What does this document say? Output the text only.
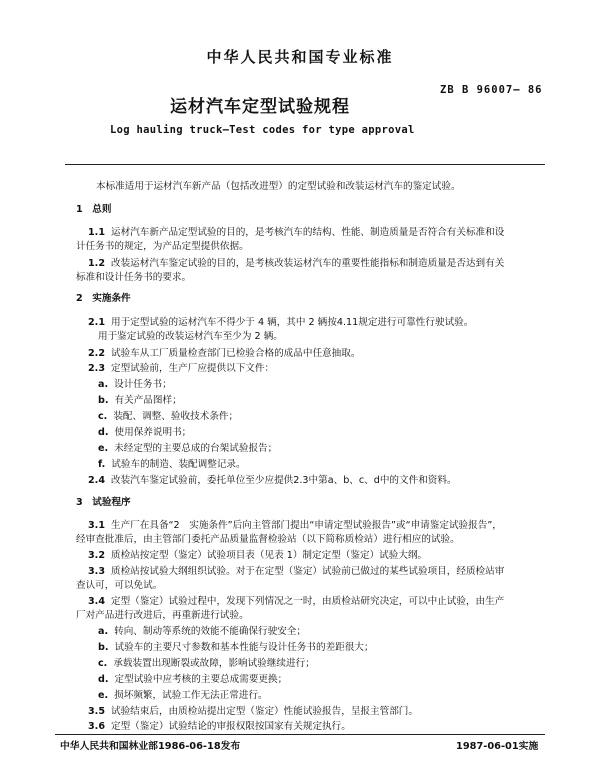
中华人民共和国专业标准
运材汽车定型试验规程
ZB B 96007— 86
Log hauling truck—Test codes for type approval
本标准适用于运材汽车新产品（包括改进型）的定型试验和改装运材汽车的鉴定试验。
1　总则
1.1 运材汽车新产品定型试验的目的，是考核汽车的结构、性能、制造质量是否符合有关标准和设
计任务书的规定，为产品定型提供依据。
1.2 改装运材汽车鉴定试验的目的，是考核改装运材汽车的重要性能指标和制造质量是否达到有关
标准和设计任务书的要求。
2　实施条件
2.1 用于定型试验的运材汽车不得少于 4 辆，其中 2 辆按4.11规定进行可靠性行驶试验。
用于鉴定试验的改装运材汽车至少为 2 辆。
2.2 试验车从工厂质量检查部门已检验合格的成品中任意抽取。
2.3 定型试验前，生产厂应提供以下文件：
a. 设计任务书；
b. 有关产品图样；
c. 装配、调整、验收技术条件；
d. 使用保养说明书；
e. 未经定型的主要总成的台架试验报告；
f. 试验车的制造、装配调整记录。
2.4 改装汽车鉴定试验前，委托单位至少应提供2.3中第a、b、c、d中的文件和资料。
3　试验程序
3.1 生产厂在具备“2　实施条件”后向主管部门提出“申请定型试验报告”或“申请鉴定试验报告”，
经审查批准后，由主管部门委托产品质量监督检验站（以下简称质检站）进行相应的试验。
3.2 质检站按定型（鉴定）试验项目表（见表 1）制定定型（鉴定）试验大纲。
3.3 质检站按试验大纲组织试验。对于在定型（鉴定）试验前已做过的某些试验项目，经质检站审
查认可，可以免试。
3.4 定型（鉴定）试验过程中，发现下列情况之一时，由质检站研究决定，可以中止试验，由生产
厂对产品进行改进后，再重新进行试验。
a. 转向、制动等系统的效能不能确保行驶安全；
b. 试验车的主要尺寸参数和基本性能与设计任务书的差距很大；
c. 承载装置出现断裂或故障，影响试验继续进行；
d. 定型试验中应考核的主要总成需要更换；
e. 损坏频繁，试验工作无法正常进行。
3.5 试验结束后，由质检站提出定型（鉴定）性能试验报告，呈报主管部门。
3.6 定型（鉴定）试验结论的审报权限按国家有关规定执行。
中华人民共和国林业部1986-06-18发布	1987-06-01实施
